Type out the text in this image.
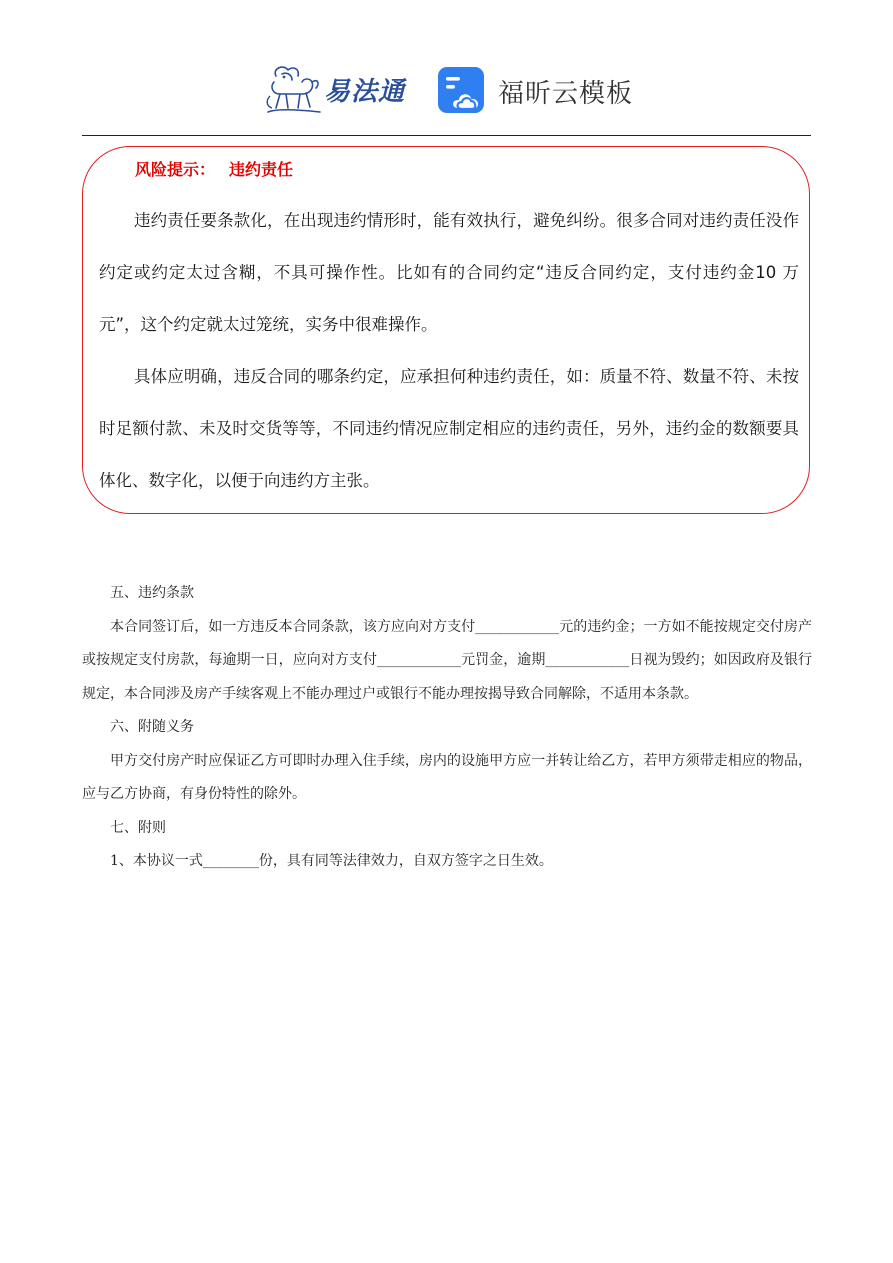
易法通	福昕云模板
风险提示： 违约责任

违约责任要条款化，在出现违约情形时，能有效执行，避免纠纷。很多合同对违约责任没作约定或约定太过含糊，不具可操作性。比如有的合同约定“违反合同约定，支付违约金10 万元”，这个约定就太过笼统，实务中很难操作。

具体应明确，违反合同的哪条约定，应承担何种违约责任，如：质量不符、数量不符、未按时足额付款、未及时交货等等，不同违约情况应制定相应的违约责任，另外，违约金的数额要具体化、数字化，以便于向违约方主张。

五、违约条款

本合同签订后，如一方违反本合同条款，该方应向对方支付____________元的违约金；一方如不能按规定交付房产或按规定支付房款，每逾期一日，应向对方支付____________元罚金，逾期____________日视为毁约；如因政府及银行规定，本合同涉及房产手续客观上不能办理过户或银行不能办理按揭导致合同解除，不适用本条款。

六、附随义务

甲方交付房产时应保证乙方可即时办理入住手续，房内的设施甲方应一并转让给乙方，若甲方须带走相应的物品，应与乙方协商，有身份特性的除外。

七、附则

1、本协议一式________份，具有同等法律效力，自双方签字之日生效。
